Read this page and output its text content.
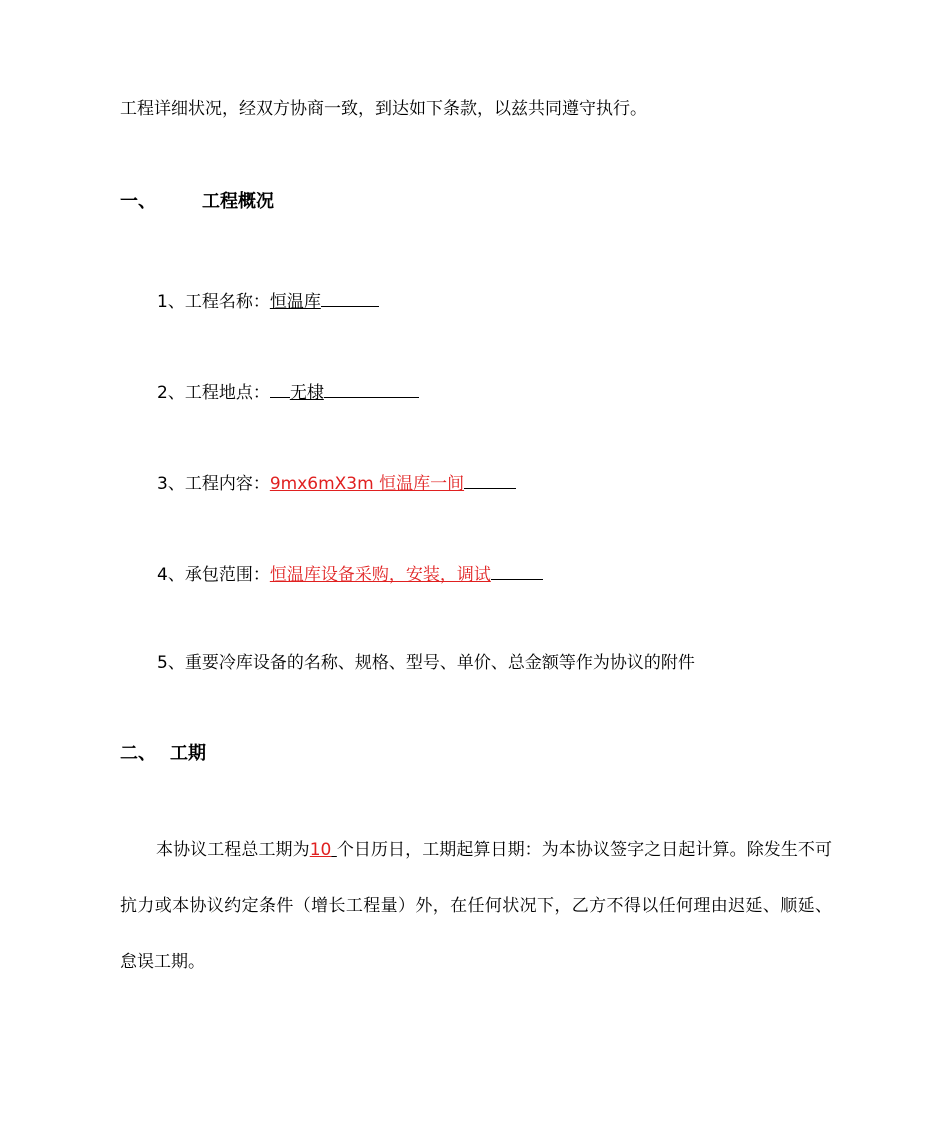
工程详细状况，经双方协商一致，到达如下条款，以兹共同遵守执行。
一、	工程概况
1、工程名称：恒温库
2、工程地点： 无棣
3、工程内容：9mx6mX3m 恒温库一间
4、承包范围：恒温库设备采购，安装，调试
5、重要冷库设备的名称、规格、型号、单价、总金额等作为协议的附件
二、 工期
本协议工程总工期为10 个日历日，工期起算日期：为本协议签字之日起计算。除发生不可抗力或本协议约定条件（增长工程量）外，在任何状况下，乙方不得以任何理由迟延、顺延、怠误工期。
